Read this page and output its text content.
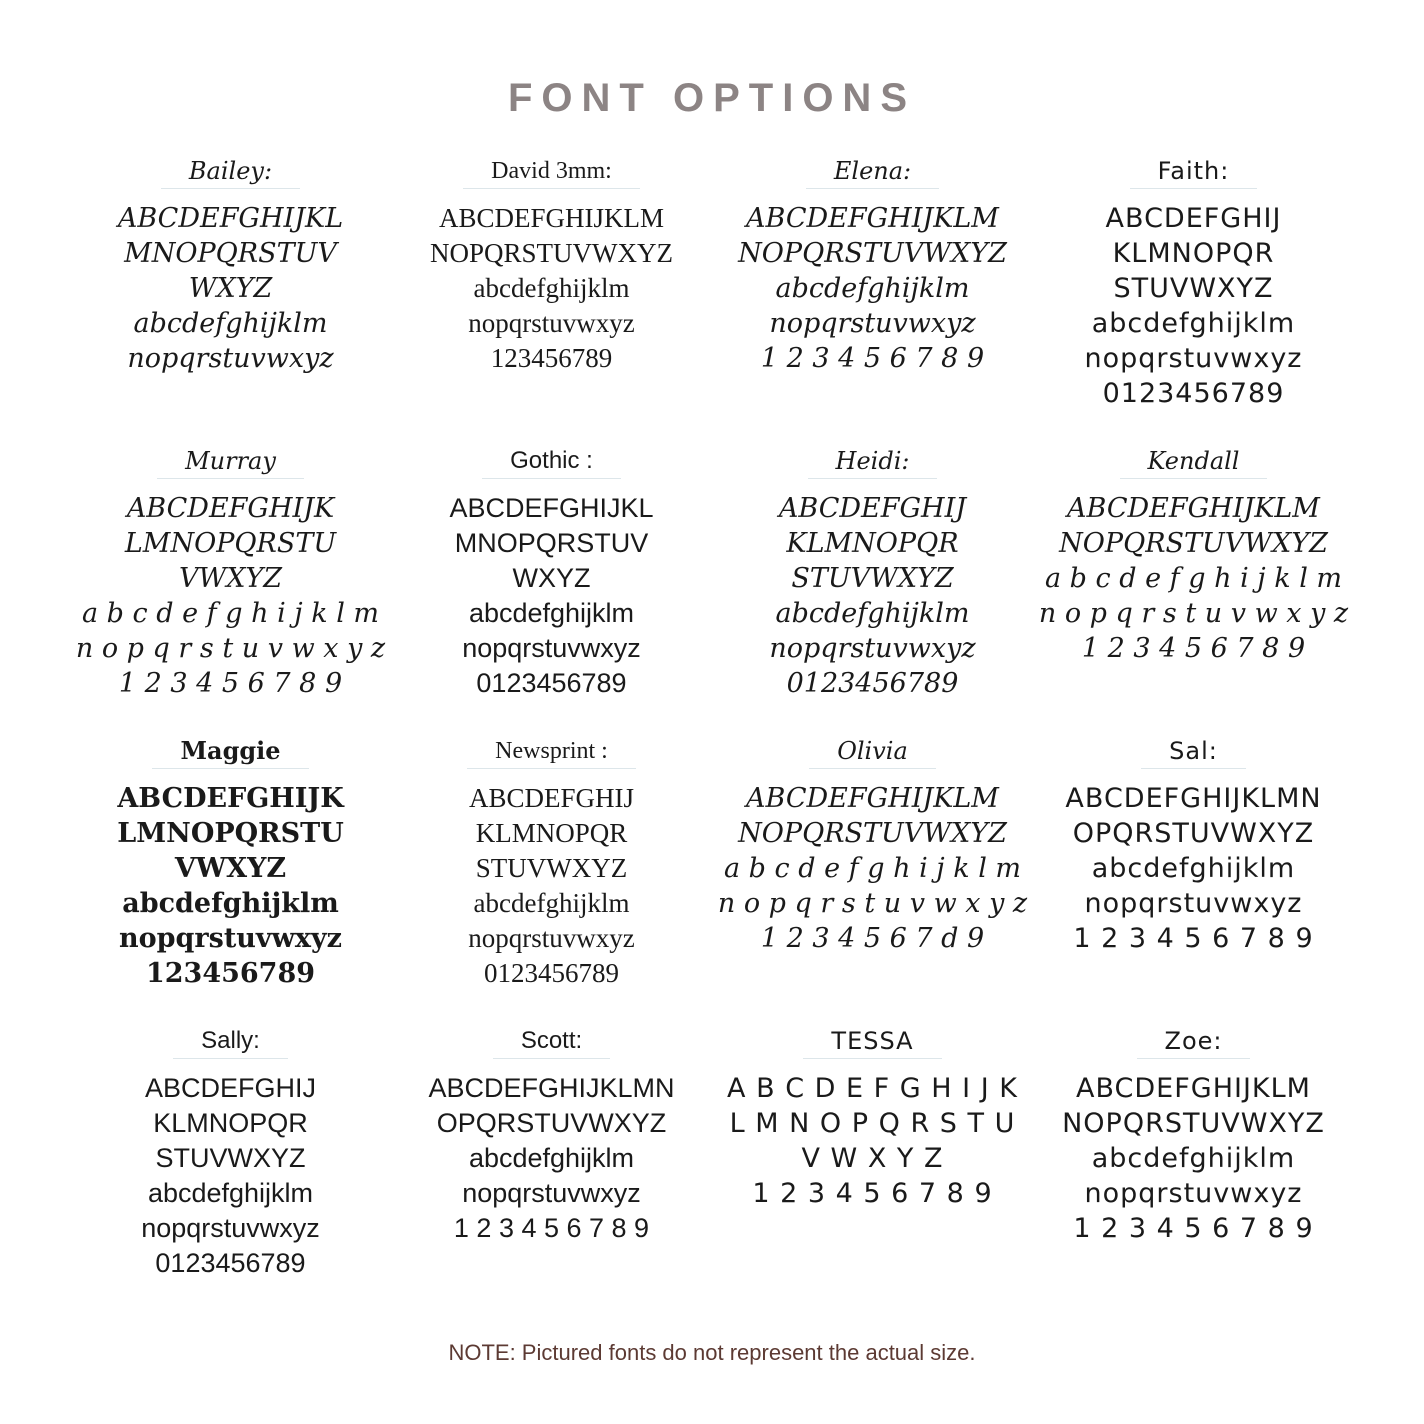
FONT OPTIONS
Bailey:
ABCDEFGHIJKL
MNOPQRSTUV
WXYZ
abcdefghijklm
nopqrstuvwxyz
David 3mm:
ABCDEFGHIJKLM
NOPQRSTUVWXYZ
abcdefghijklm
nopqrstuvwxyz
123456789
Elena:
ABCDEFGHIJKLM
NOPQRSTUVWXYZ
abcdefghijklm
nopqrstuvwxyz
1 2 3 4 5 6 7 8 9
Faith:
ABCDEFGHIJ
KLMNOPQR
STUVWXYZ
abcdefghijklm
nopqrstuvwxyz
0123456789
Murray
ABCDEFGHIJK
LMNOPQRSTU
VWXYZ
a b c d e f g h i j k l m
n o p q r s t u v w x y z
1 2 3 4 5 6 7 8 9
Gothic :
ABCDEFGHIJKL
MNOPQRSTUV
WXYZ
abcdefghijklm
nopqrstuvwxyz
0123456789
Heidi:
ABCDEFGHIJ
KLMNOPQR
STUVWXYZ
abcdefghijklm
nopqrstuvwxyz
0123456789
Kendall
ABCDEFGHIJKLM
NOPQRSTUVWXYZ
a b c d e f g h i j k l m
n o p q r s t u v w x y z
1 2 3 4 5 6 7 8 9
Maggie
ABCDEFGHIJK
LMNOPQRSTU
VWXYZ
abcdefghijklm
nopqrstuvwxyz
123456789
Newsprint :
ABCDEFGHIJ
KLMNOPQR
STUVWXYZ
abcdefghijklm
nopqrstuvwxyz
0123456789
Olivia
ABCDEFGHIJKLM
NOPQRSTUVWXYZ
a b c d e f g h i j k l m
n o p q r s t u v w x y z
1 2 3 4 5 6 7 d 9
Sal:
ABCDEFGHIJKLMN
OPQRSTUVWXYZ
abcdefghijklm
nopqrstuvwxyz
1 2 3 4 5 6 7 8 9
Sally:
ABCDEFGHIJ
KLMNOPQR
STUVWXYZ
abcdefghijklm
nopqrstuvwxyz
0123456789
Scott:
ABCDEFGHIJKLMN
OPQRSTUVWXYZ
abcdefghijklm
nopqrstuvwxyz
1 2 3 4 5 6 7 8 9
TESSA
A B C D E F G H I J K
L M N O P Q R S T U
V W X Y Z
1 2 3 4 5 6 7 8 9
Zoe:
ABCDEFGHIJKLM
NOPQRSTUVWXYZ
abcdefghijklm
nopqrstuvwxyz
1 2 3 4 5 6 7 8 9
NOTE: Pictured fonts do not represent the actual size.
